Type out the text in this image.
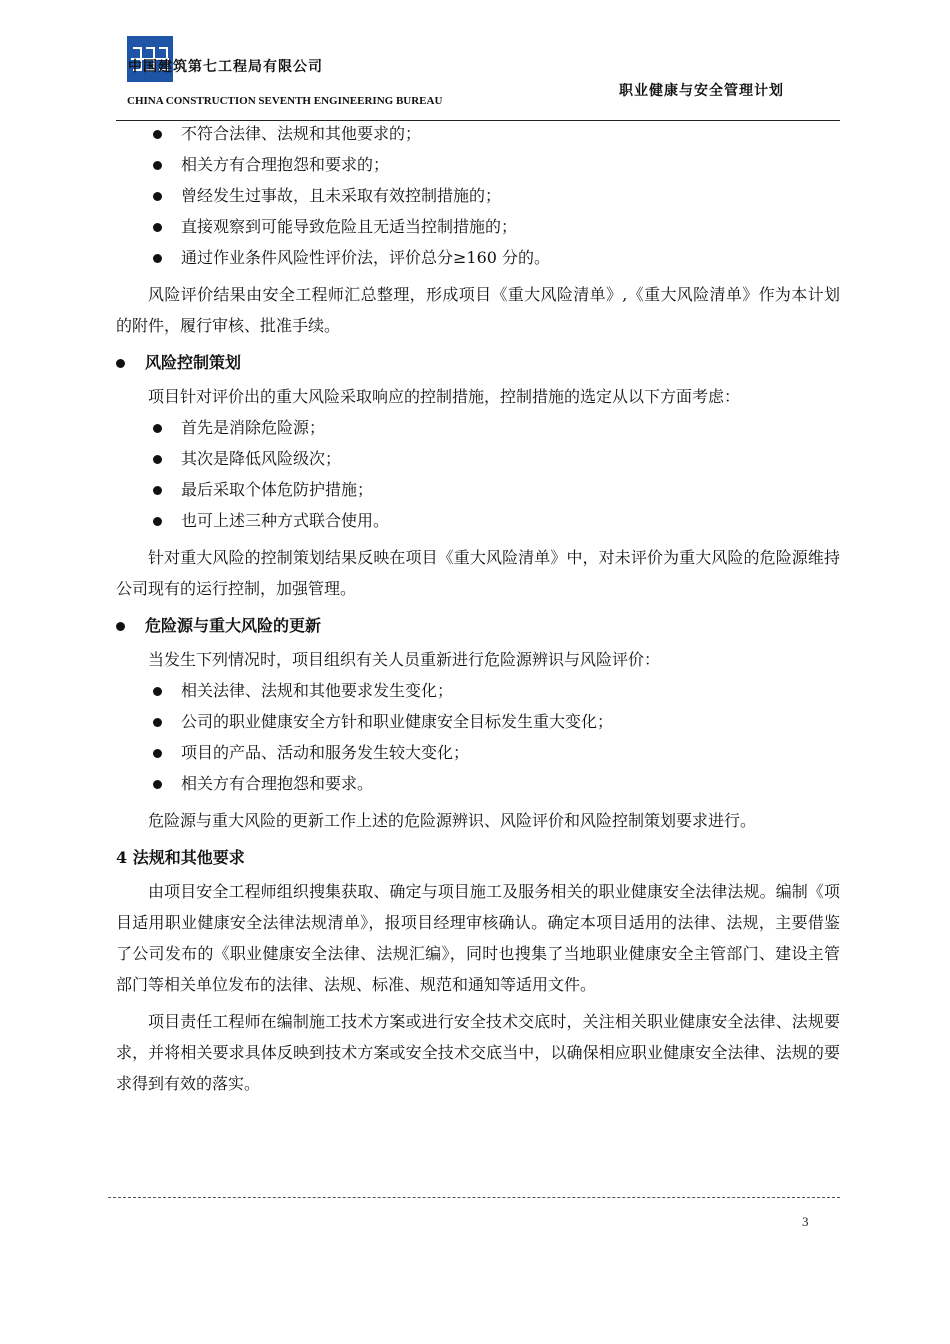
中国建筑第七工程局有限公司
CHINA CONSTRUCTION SEVENTH ENGINEERING BUREAU
职业健康与安全管理计划

不符合法律、法规和其他要求的；

相关方有合理抱怨和要求的；

曾经发生过事故，且未采取有效控制措施的；

直接观察到可能导致危险且无适当控制措施的；

通过作业条件风险性评价法，评价总分≥160 分的。

风险评价结果由安全工程师汇总整理，形成项目《重大风险清单》,《重大风险清单》作为本计划的附件，履行审核、批准手续。

风险控制策划

项目针对评价出的重大风险采取响应的控制措施，控制措施的选定从以下方面考虑：

首先是消除危险源；

其次是降低风险级次；

最后采取个体危防护措施；

也可上述三种方式联合使用。

针对重大风险的控制策划结果反映在项目《重大风险清单》中，对未评价为重大风险的危险源维持公司现有的运行控制，加强管理。

危险源与重大风险的更新

当发生下列情况时，项目组织有关人员重新进行危险源辨识与风险评价：

相关法律、法规和其他要求发生变化；

公司的职业健康安全方针和职业健康安全目标发生重大变化；

项目的产品、活动和服务发生较大变化；

相关方有合理抱怨和要求。

危险源与重大风险的更新工作上述的危险源辨识、风险评价和风险控制策划要求进行。

4 法规和其他要求

由项目安全工程师组织搜集获取、确定与项目施工及服务相关的职业健康安全法律法规。编制《项目适用职业健康安全法律法规清单》，报项目经理审核确认。确定本项目适用的法律、法规，主要借鉴了公司发布的《职业健康安全法律、法规汇编》，同时也搜集了当地职业健康安全主管部门、建设主管部门等相关单位发布的法律、法规、标准、规范和通知等适用文件。

项目责任工程师在编制施工技术方案或进行安全技术交底时，关注相关职业健康安全法律、法规要求，并将相关要求具体反映到技术方案或安全技术交底当中，以确保相应职业健康安全法律、法规的要求得到有效的落实。

3
